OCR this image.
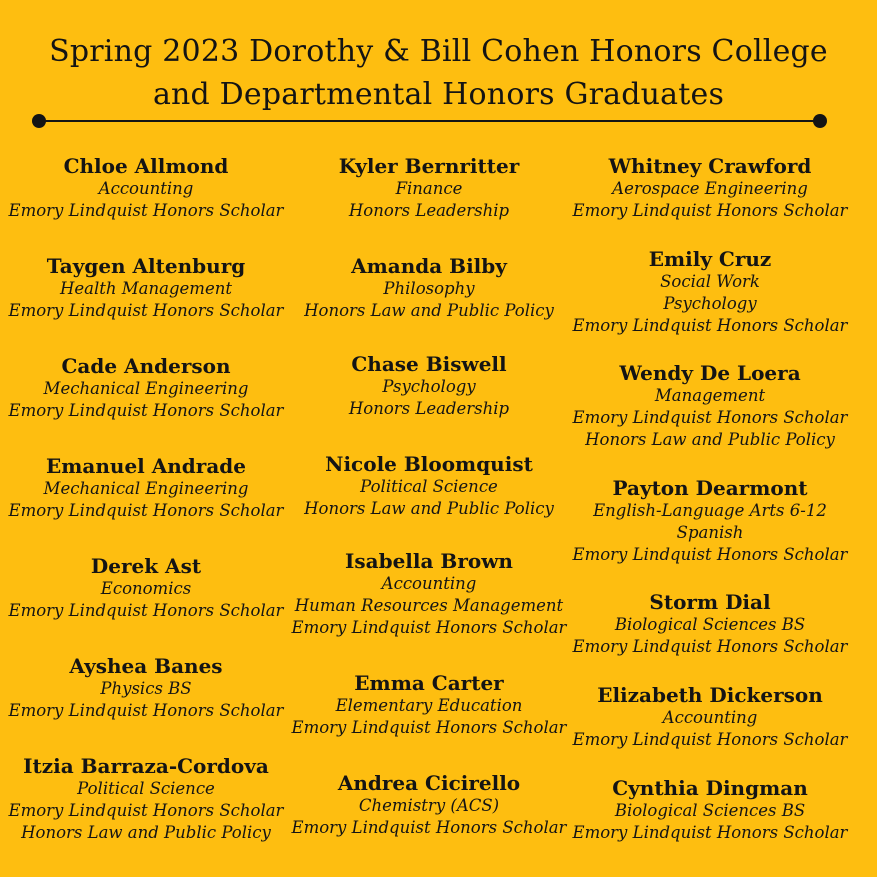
Spring 2023 Dorothy & Bill Cohen Honors College
and Departmental Honors Graduates
Chloe Allmond
Accounting
Emory Lindquist Honors Scholar
Taygen Altenburg
Health Management
Emory Lindquist Honors Scholar
Cade Anderson
Mechanical Engineering
Emory Lindquist Honors Scholar
Emanuel Andrade
Mechanical Engineering
Emory Lindquist Honors Scholar
Derek Ast
Economics
Emory Lindquist Honors Scholar
Ayshea Banes
Physics BS
Emory Lindquist Honors Scholar
Itzia Barraza-Cordova
Political Science
Emory Lindquist Honors Scholar
Honors Law and Public Policy
Kyler Bernritter
Finance
Honors Leadership
Amanda Bilby
Philosophy
Honors Law and Public Policy
Chase Biswell
Psychology
Honors Leadership
Nicole Bloomquist
Political Science
Honors Law and Public Policy
Isabella Brown
Accounting
Human Resources Management
Emory Lindquist Honors Scholar
Emma Carter
Elementary Education
Emory Lindquist Honors Scholar
Andrea Cicirello
Chemistry (ACS)
Emory Lindquist Honors Scholar
Whitney Crawford
Aerospace Engineering
Emory Lindquist Honors Scholar
Emily Cruz
Social Work
Psychology
Emory Lindquist Honors Scholar
Wendy De Loera
Management
Emory Lindquist Honors Scholar
Honors Law and Public Policy
Payton Dearmont
English-Language Arts 6-12
Spanish
Emory Lindquist Honors Scholar
Storm Dial
Biological Sciences BS
Emory Lindquist Honors Scholar
Elizabeth Dickerson
Accounting
Emory Lindquist Honors Scholar
Cynthia Dingman
Biological Sciences BS
Emory Lindquist Honors Scholar
